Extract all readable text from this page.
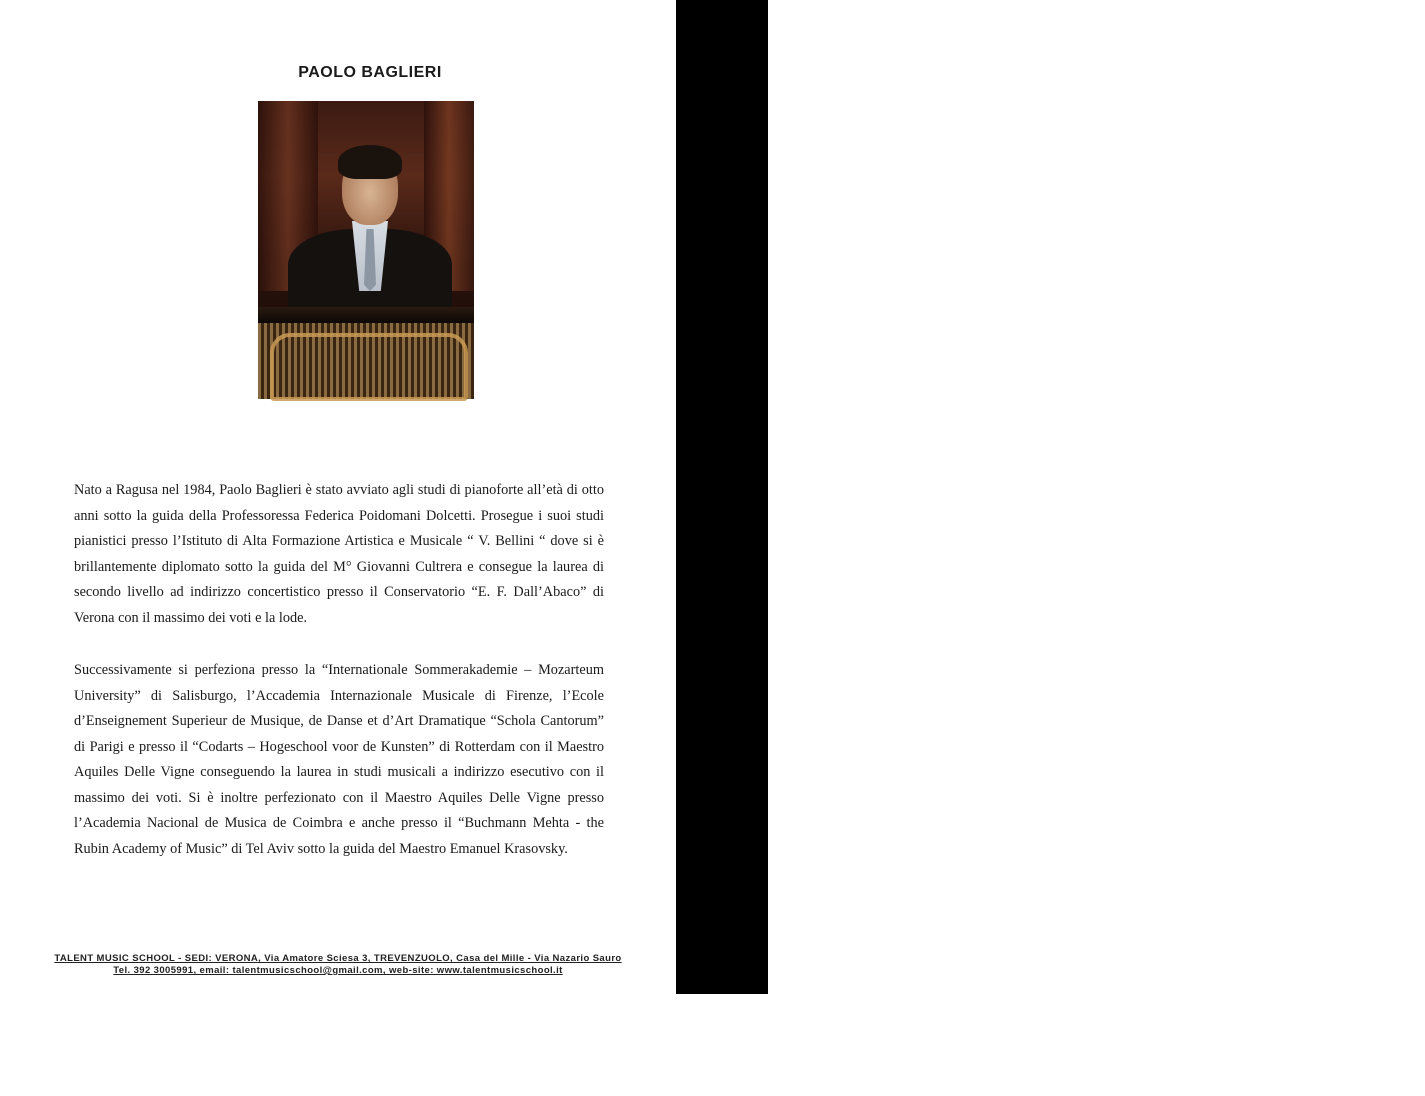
TALENT MUSIC SCHOOL
PAOLO BAGLIERI

Nato a Ragusa nel 1984, Paolo Baglieri è stato avviato agli studi di pianoforte all’età di otto anni sotto la guida della Professoressa Federica Poidomani Dolcetti. Prosegue i suoi studi pianistici presso l’Istituto di Alta Formazione Artistica e Musicale “ V. Bellini “ dove si è brillantemente diplomato sotto la guida del M° Giovanni Cultrera e consegue la laurea di secondo livello ad indirizzo concertistico presso il Conservatorio “E. F. Dall’Abaco” di Verona con il massimo dei voti e la lode.

Successivamente si perfeziona presso la “Internationale Sommerakademie – Mozarteum University” di Salisburgo, l’Accademia Internazionale Musicale di Firenze, l’Ecole d’Enseignement Superieur de Musique, de Danse et d’Art Dramatique “Schola Cantorum” di Parigi e presso il “Codarts – Hogeschool voor de Kunsten” di Rotterdam con il Maestro Aquiles Delle Vigne conseguendo la laurea in studi musicali a indirizzo esecutivo con il massimo dei voti. Si è inoltre perfezionato con il Maestro Aquiles Delle Vigne presso l’Academia Nacional de Musica de Coimbra e anche presso il “Buchmann Mehta - the Rubin Academy of Music” di Tel Aviv sotto la guida del Maestro Emanuel Krasovsky.

TALENT MUSIC SCHOOL - SEDI: VERONA, Via Amatore Sciesa 3, TREVENZUOLO, Casa del Mille - Via Nazario Sauro
Tel. 392 3005991, email: talentmusicschool@gmail.com, web-site: www.talentmusicschool.it
